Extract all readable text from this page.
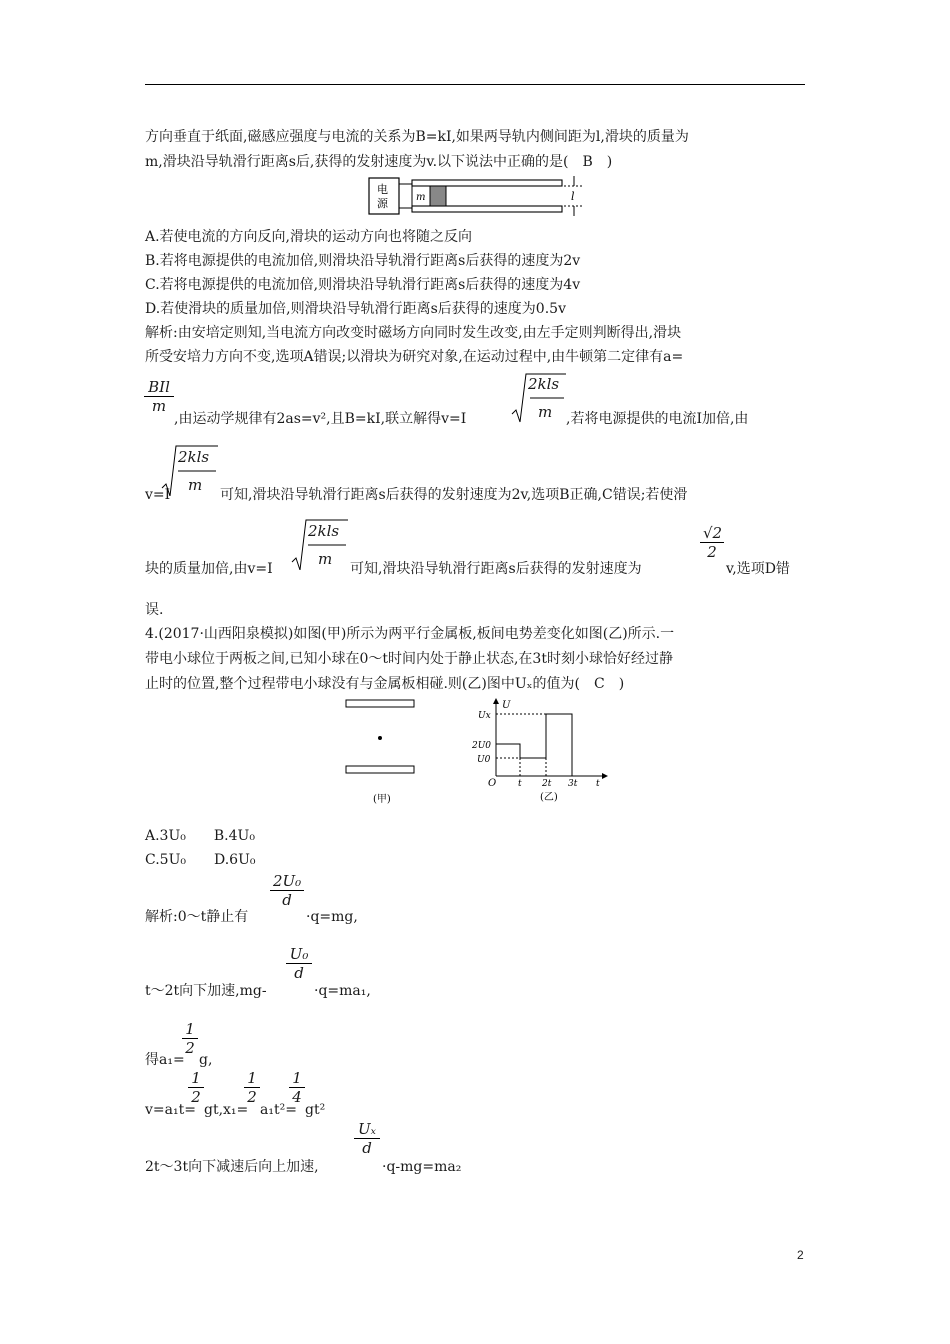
方向垂直于纸面,磁感应强度与电流的关系为B=kI,如果两导轨内侧间距为l,滑块的质量为
m,滑块沿导轨滑行距离s后,获得的发射速度为v.以下说法中正确的是(　B　)
电
源	m	l
A.若使电流的方向反向,滑块的运动方向也将随之反向
B.若将电源提供的电流加倍,则滑块沿导轨滑行距离s后获得的速度为2v
C.若将电源提供的电流加倍,则滑块沿导轨滑行距离s后获得的速度为4v
D.若使滑块的质量加倍,则滑块沿导轨滑行距离s后获得的速度为0.5v
解析:由安培定则知,当电流方向改变时磁场方向同时发生改变,由左手定则判断得出,滑块
所受安培力方向不变,选项A错误;以滑块为研究对象,在运动过程中,由牛顿第二定律有a=
BIl
m
,由运动学规律有2as=v²,且B=kI,联立解得v=I
2kls
m ,若将电源提供的电流I加倍,由
v=I
2kls
m
可知,滑块沿导轨滑行距离s后获得的发射速度为2v,选项B正确,C错误;若使滑
块的质量加倍,由v=I
2kls
m
可知,滑块沿导轨滑行距离s后获得的发射速度为
√2
2
v,选项D错
误.
4.(2017·山西阳泉模拟)如图(甲)所示为两平行金属板,板间电势差变化如图(乙)所示.一
带电小球位于两板之间,已知小球在0～t时间内处于静止状态,在3t时刻小球恰好经过静
止时的位置,整个过程带电小球没有与金属板相碰.则(乙)图中Uₓ的值为(　C　)
(甲)
U
Ux
2U0
U0
O t 2t 3t t
(乙)
A.3U₀　　B.4U₀
C.5U₀　　D.6U₀
2U₀
d
解析:0～t静止有	·q=mg,
U₀
d
t～2t向下加速,mg-	·q=ma₁,
1
2
得a₁= g,
v=a₁t=
1
2
gt,x₁=
1
2
a₁t²=
1
4
gt²
Uₓ
d
2t～3t向下减速后向上加速,	·q-mg=ma₂
2
